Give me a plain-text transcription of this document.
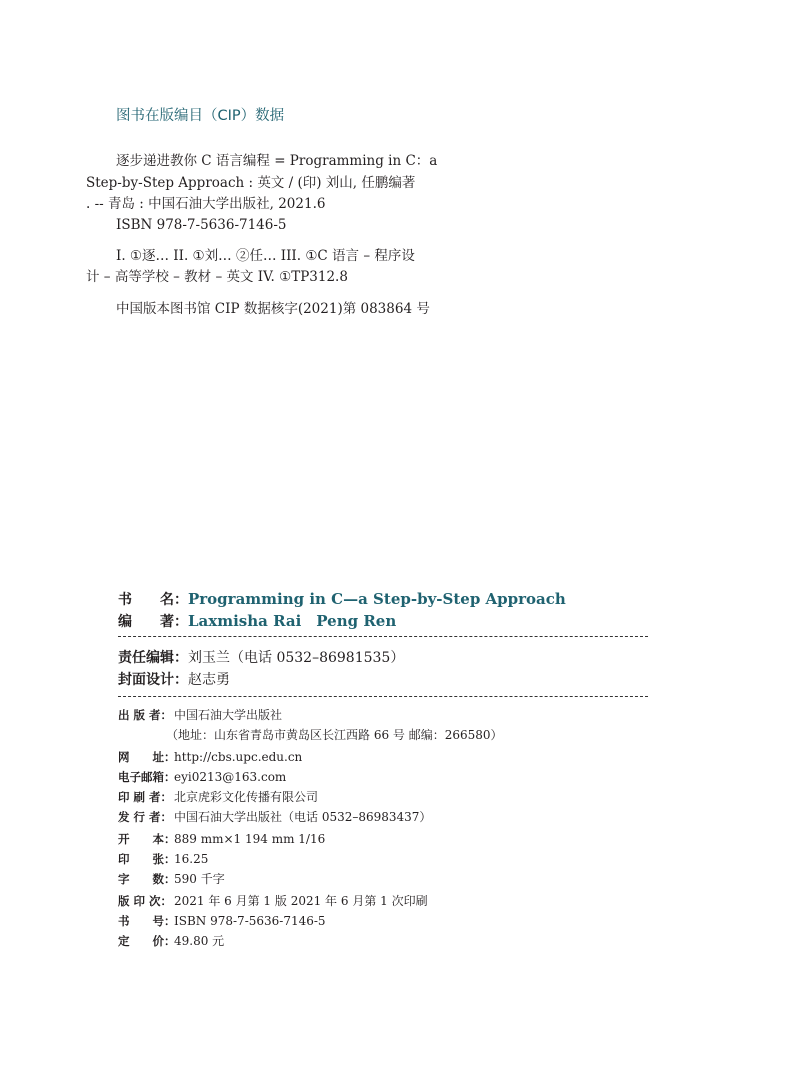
图书在版编目（CIP）数据
逐步递进教你 C 语言编程 = Programming in C：a
Step-by-Step Approach : 英文 / (印) 刘山, 任鹏编著
. -- 青岛 : 中国石油大学出版社, 2021.6
ISBN 978-7-5636-7146-5
I. ①逐… II. ①刘… ②任… III. ①C 语言 – 程序设
计 – 高等学校 – 教材 – 英文 IV. ①TP312.8
中国版本图书馆 CIP 数据核字(2021)第 083864 号
书　　名：Programming in C—a Step-by-Step Approach
编　　著：Laxmisha Rai　Peng Ren
责任编辑：刘玉兰（电话 0532–86981535）
封面设计：赵志勇
出 版 者： 中国石油大学出版社
（地址：山东省青岛市黄岛区长江西路 66 号 邮编：266580）
网　　址：http://cbs.upc.edu.cn
电子邮箱：eyi0213@163.com
印 刷 者： 北京虎彩文化传播有限公司
发 行 者： 中国石油大学出版社（电话 0532–86983437）
开　　本：889 mm×1 194 mm 1/16
印　　张：16.25
字　　数：590 千字
版 印 次： 2021 年 6 月第 1 版 2021 年 6 月第 1 次印刷
书　　号：ISBN 978-7-5636-7146-5
定　　价：49.80 元
